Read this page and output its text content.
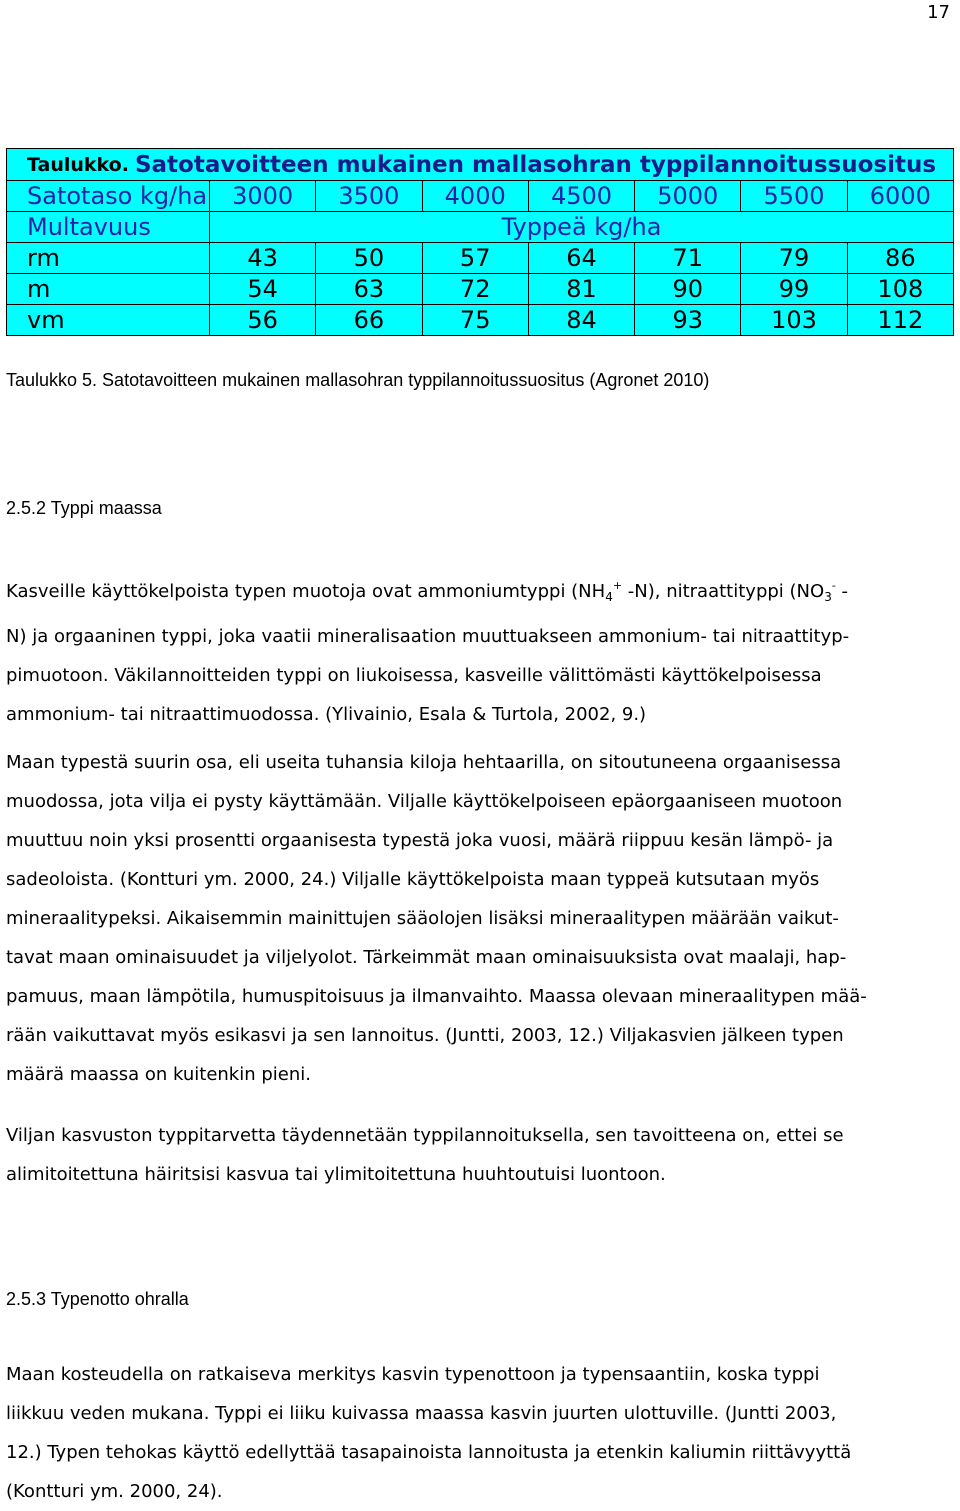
17
Taulukko. Satotavoitteen mukainen mallasohran typpilannoitussuositus
Satotaso kg/ha	3000	3500	4000	4500	5000	5500	6000
Multavuus	Typpeä kg/ha
rm	43	50	57	64	71	79	86
m	54	63	72	81	90	99	108
vm	56	66	75	84	93	103	112
Taulukko 5. Satotavoitteen mukainen mallasohran typpilannoitussuositus (Agronet 2010)
2.5.2 Typpi maassa
Kasveille käyttökelpoista typen muotoja ovat ammoniumtyppi ($NH_4^+$ -N), nitraattityppi ($NO_3^-$ -
N) ja orgaaninen typpi, joka vaatii mineralisaation muuttuakseen ammonium- tai nitraattityp-
pimuotoon. Väkilannoitteiden typpi on liukoisessa, kasveille välittömästi käyttökelpoisessa
ammonium- tai nitraattimuodossa. (Ylivainio, Esala & Turtola, 2002, 9.)
Maan typestä suurin osa, eli useita tuhansia kiloja hehtaarilla, on sitoutuneena orgaanisessa
muodossa, jota vilja ei pysty käyttämään. Viljalle käyttökelpoiseen epäorgaaniseen muotoon
muuttuu noin yksi prosentti orgaanisesta typestä joka vuosi, määrä riippuu kesän lämpö- ja
sadeoloista. (Kontturi ym. 2000, 24.) Viljalle käyttökelpoista maan typpeä kutsutaan myös
mineraalitypeksi. Aikaisemmin mainittujen sääolojen lisäksi mineraalitypen määrään vaikut-
tavat maan ominaisuudet ja viljelyolot. Tärkeimmät maan ominaisuuksista ovat maalaji, hap-
pamuus, maan lämpötila, humuspitoisuus ja ilmanvaihto. Maassa olevaan mineraalitypen mää-
rään vaikuttavat myös esikasvi ja sen lannoitus. (Juntti, 2003, 12.) Viljakasvien jälkeen typen
määrä maassa on kuitenkin pieni.
Viljan kasvuston typpitarvetta täydennetään typpilannoituksella, sen tavoitteena on, ettei se
alimitoitettuna häiritsisi kasvua tai ylimitoitettuna huuhtoutuisi luontoon.
2.5.3 Typenotto ohralla
Maan kosteudella on ratkaiseva merkitys kasvin typenottoon ja typensaantiin, koska typpi
liikkuu veden mukana. Typpi ei liiku kuivassa maassa kasvin juurten ulottuville. (Juntti 2003,
12.) Typen tehokas käyttö edellyttää tasapainoista lannoitusta ja etenkin kaliumin riittävyyttä
(Kontturi ym. 2000, 24).
